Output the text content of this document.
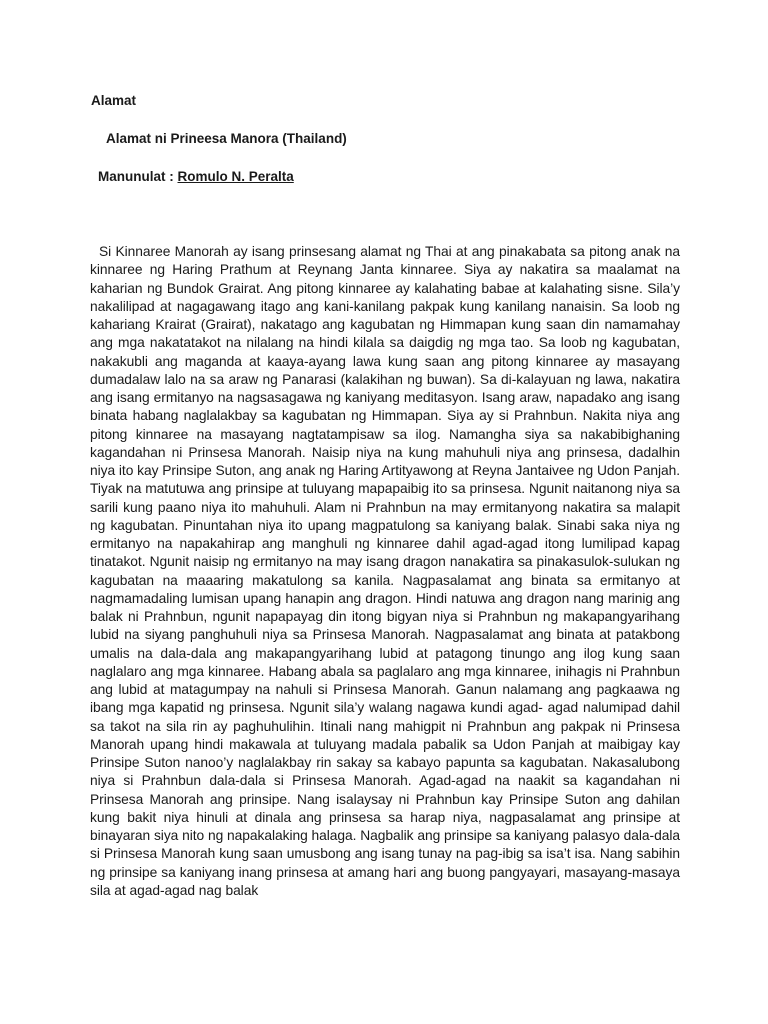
Alamat
Alamat ni Prineesa Manora (Thailand)
Manunulat : Romulo N. Peralta

Si Kinnaree Manorah ay isang prinsesang alamat ng Thai at ang pinakabata sa pitong anak na kinnaree ng Haring Prathum at Reynang Janta kinnaree. Siya ay nakatira sa maalamat na kaharian ng Bundok Grairat. Ang pitong kinnaree ay kalahating babae at kalahating sisne. Sila’y nakalilipad at nagagawang itago ang kani-kanilang pakpak kung kanilang nanaisin. Sa loob ng kahariang Krairat (Grairat), nakatago ang kagubatan ng Himmapan kung saan din namamahay ang mga nakatatakot na nilalang na hindi kilala sa daigdig ng mga tao. Sa loob ng kagubatan, nakakubli ang maganda at kaaya-ayang lawa kung saan ang pitong kinnaree ay masayang dumadalaw lalo na sa araw ng Panarasi (kalakihan ng buwan). Sa di-kalayuan ng lawa, nakatira ang isang ermitanyo na nagsasagawa ng kaniyang meditasyon. Isang araw, napadako ang isang binata habang naglalakbay sa kagubatan ng Himmapan. Siya ay si Prahnbun. Nakita niya ang pitong kinnaree na masayang nagtatampisaw sa ilog. Namangha siya sa nakabibighaning kagandahan ni Prinsesa Manorah. Naisip niya na kung mahuhuli niya ang prinsesa, dadalhin niya ito kay Prinsipe Suton, ang anak ng Haring Artityawong at Reyna Jantaivee ng Udon Panjah. Tiyak na matutuwa ang prinsipe at tuluyang mapapaibig ito sa prinsesa. Ngunit naitanong niya sa sarili kung paano niya ito mahuhuli. Alam ni Prahnbun na may ermitanyong nakatira sa malapit ng kagubatan. Pinuntahan niya ito upang magpatulong sa kaniyang balak. Sinabi saka niya ng ermitanyo na napakahirap ang manghuli ng kinnaree dahil agad-agad itong lumilipad kapag tinatakot. Ngunit naisip ng ermitanyo na may isang dragon nanakatira sa pinakasulok-sulukan ng kagubatan na maaaring makatulong sa kanila. Nagpasalamat ang binata sa ermitanyo at nagmamadaling lumisan upang hanapin ang dragon. Hindi natuwa ang dragon nang marinig ang balak ni Prahnbun, ngunit napapayag din itong bigyan niya si Prahnbun ng makapangyarihang lubid na siyang panghuhuli niya sa Prinsesa Manorah. Nagpasalamat ang binata at patakbong umalis na dala-dala ang makapangyarihang lubid at patagong tinungo ang ilog kung saan naglalaro ang mga kinnaree. Habang abala sa paglalaro ang mga kinnaree, inihagis ni Prahnbun ang lubid at matagumpay na nahuli si Prinsesa Manorah. Ganun nalamang ang pagkaawa ng ibang mga kapatid ng prinsesa. Ngunit sila’y walang nagawa kundi agad- agad nalumipad dahil sa takot na sila rin ay paghuhulihin. Itinali nang mahigpit ni Prahnbun ang pakpak ni Prinsesa Manorah upang hindi makawala at tuluyang madala pabalik sa Udon Panjah at maibigay kay Prinsipe Suton nanoo’y naglalakbay rin sakay sa kabayo papunta sa kagubatan. Nakasalubong niya si Prahnbun dala-dala si Prinsesa Manorah. Agad-agad na naakit sa kagandahan ni Prinsesa Manorah ang prinsipe. Nang isalaysay ni Prahnbun kay Prinsipe Suton ang dahilan kung bakit niya hinuli at dinala ang prinsesa sa harap niya, nagpasalamat ang prinsipe at binayaran siya nito ng napakalaking halaga. Nagbalik ang prinsipe sa kaniyang palasyo dala-dala si Prinsesa Manorah kung saan umusbong ang isang tunay na pag-ibig sa isa’t isa. Nang sabihin ng prinsipe sa kaniyang inang prinsesa at amang hari ang buong pangyayari, masayang-masaya sila at agad-agad nag balak
